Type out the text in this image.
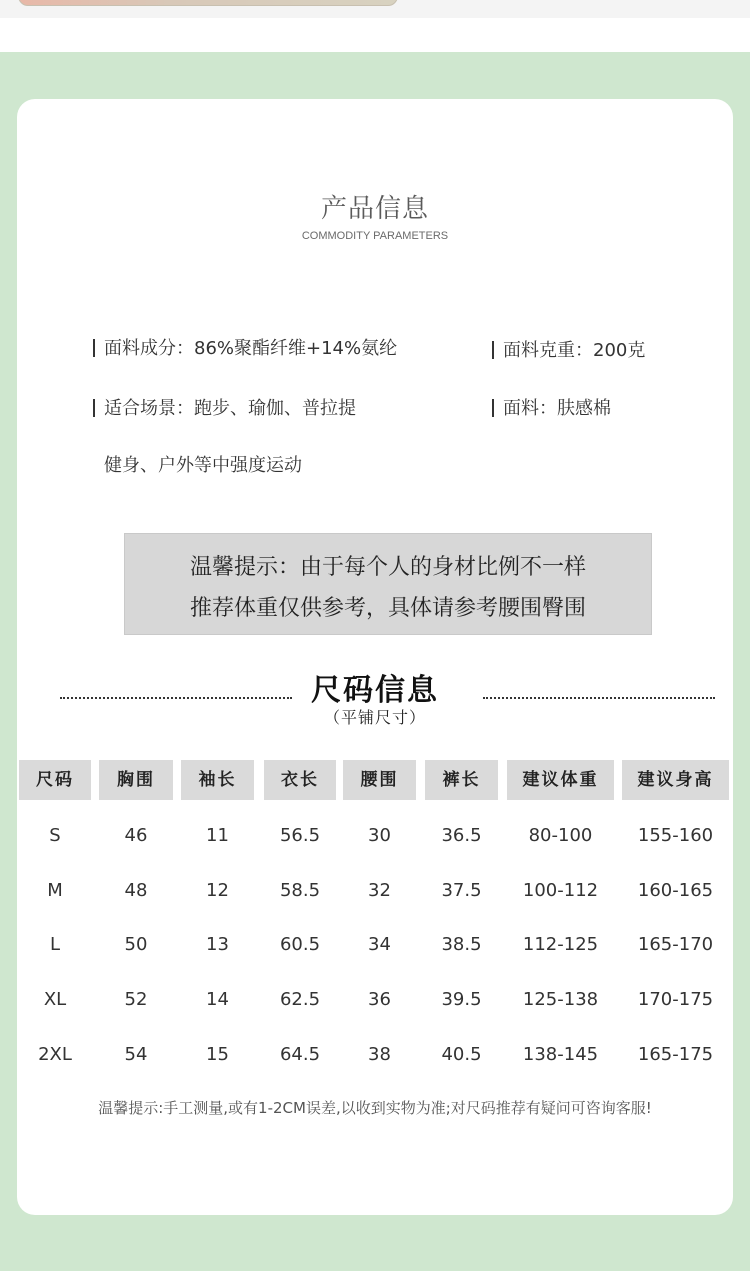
产品信息
COMMODITY PARAMETERS
面料成分：86%聚酯纤维+14%氨纶	面料克重：200克
适合场景：跑步、瑜伽、普拉提	面料：肤感棉
健身、户外等中强度运动
温馨提示：由于每个人的身材比例不一样
推荐体重仅供参考，具体请参考腰围臀围
尺码信息
（平铺尺寸）
尺码	胸围	袖长	衣长	腰围	裤长	建议体重	建议身高
S	46	11	56.5	30	36.5	80-100	155-160
M	48	12	58.5	32	37.5	100-112	160-165
L	50	13	60.5	34	38.5	112-125	165-170
XL	52	14	62.5	36	39.5	125-138	170-175
2XL	54	15	64.5	38	40.5	138-145	165-175
温馨提示:手工测量,或有1-2CM误差,以收到实物为准;对尺码推荐有疑问可咨询客服!
